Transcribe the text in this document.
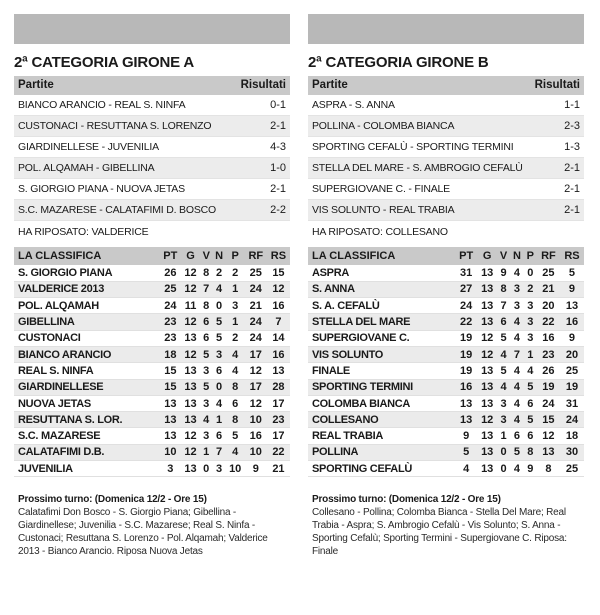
2ª CATEGORIA GIRONE A
Partite	Risultati
BIANCO ARANCIO - REAL S. NINFA	0-1
CUSTONACI - RESUTTANA S. LORENZO	2-1
GIARDINELLESE - JUVENILIA	4-3
POL. ALQAMAH - GIBELLINA	1-0
S. GIORGIO PIANA - NUOVA JETAS	2-1
S.C. MAZARESE - CALATAFIMI D. BOSCO	2-2
HA RIPOSATO: VALDERICE
LA CLASSIFICA	PT	G	V	N	P	RF	RS
S. GIORGIO PIANA	26	12	8	2	2	25	15
VALDERICE 2013	25	12	7	4	1	24	12
POL. ALQAMAH	24	11	8	0	3	21	16
GIBELLINA	23	12	6	5	1	24	7
CUSTONACI	23	13	6	5	2	24	14
BIANCO ARANCIO	18	12	5	3	4	17	16
REAL S. NINFA	15	13	3	6	4	12	13
GIARDINELLESE	15	13	5	0	8	17	28
NUOVA JETAS	13	13	3	4	6	12	17
RESUTTANA S. LOR.	13	13	4	1	8	10	23
S.C. MAZARESE	13	12	3	6	5	16	17
CALATAFIMI D.B.	10	12	1	7	4	10	22
JUVENILIA	3	13	0	3	10	9	21
Prossimo turno: (Domenica 12/2 - Ore 15)
Calatafimi Don Bosco - S. Giorgio Piana; Gibellina - Giardinellese; Juvenilia - S.C. Mazarese; Real S. Ninfa - Custonaci; Resuttana S. Lorenzo - Pol. Alqamah; Valderice 2013 - Bianco Arancio. Riposa Nuova Jetas
2ª CATEGORIA GIRONE B
Partite	Risultati
ASPRA - S. ANNA	1-1
POLLINA - COLOMBA BIANCA	2-3
SPORTING CEFALÙ - SPORTING TERMINI	1-3
STELLA DEL MARE - S. AMBROGIO CEFALÙ	2-1
SUPERGIOVANE C. - FINALE	2-1
VIS SOLUNTO - REAL TRABIA	2-1
HA RIPOSATO: COLLESANO
LA CLASSIFICA	PT	G	V	N	P	RF	RS
ASPRA	31	13	9	4	0	25	5
S. ANNA	27	13	8	3	2	21	9
S. A. CEFALÙ	24	13	7	3	3	20	13
STELLA DEL MARE	22	13	6	4	3	22	16
SUPERGIOVANE C.	19	12	5	4	3	16	9
VIS SOLUNTO	19	12	4	7	1	23	20
FINALE	19	13	5	4	4	26	25
SPORTING TERMINI	16	13	4	4	5	19	19
COLOMBA BIANCA	13	13	3	4	6	24	31
COLLESANO	13	12	3	4	5	15	24
REAL TRABIA	9	13	1	6	6	12	18
POLLINA	5	13	0	5	8	13	30
SPORTING CEFALÙ	4	13	0	4	9	8	25
Prossimo turno: (Domenica 12/2 - Ore 15)
Collesano - Pollina; Colomba Bianca - Stella Del Mare; Real Trabia - Aspra; S. Ambrogio Cefalù - Vis Solunto; S. Anna - Sporting Cefalù; Sporting Termini - Supergiovane C. Riposa: Finale
